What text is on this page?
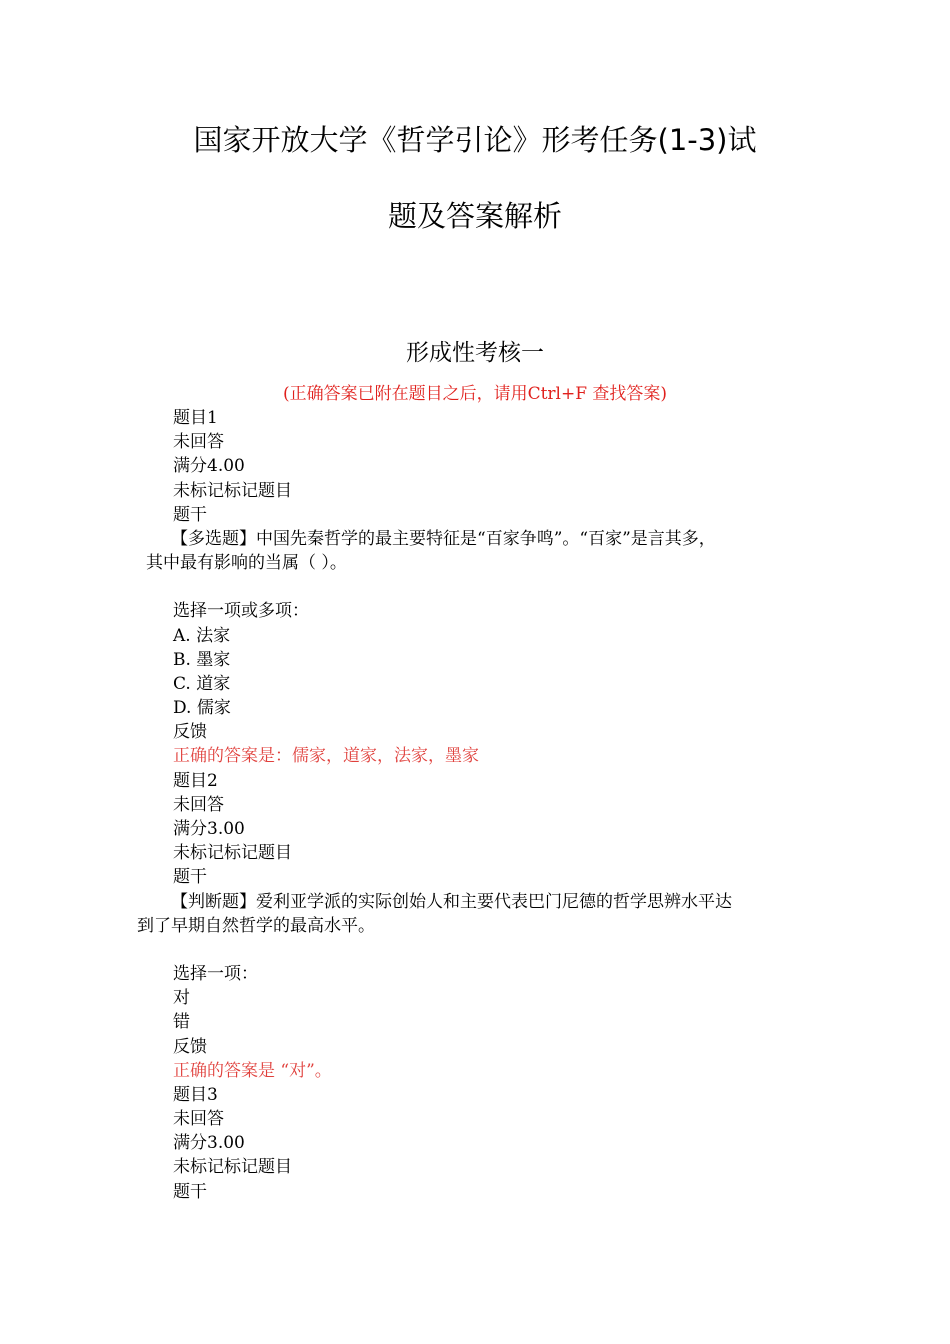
国家开放大学《哲学引论》形考任务(1-3)试
题及答案解析
形成性考核一
(正确答案已附在题目之后，请用Ctrl+F 查找答案)
题目1
未回答
满分4.00
未标记标记题目
题干
【多选题】中国先秦哲学的最主要特征是“百家争鸣”。“百家”是言其多，
其中最有影响的当属（ ）。
选择一项或多项：
A. 法家
B. 墨家
C. 道家
D. 儒家
反馈
正确的答案是：儒家，道家，法家，墨家
题目2
未回答
满分3.00
未标记标记题目
题干
【判断题】爱利亚学派的实际创始人和主要代表巴门尼德的哲学思辨水平达
到了早期自然哲学的最高水平。
选择一项：
对
错
反馈
正确的答案是 “对”。
题目3
未回答
满分3.00
未标记标记题目
题干
